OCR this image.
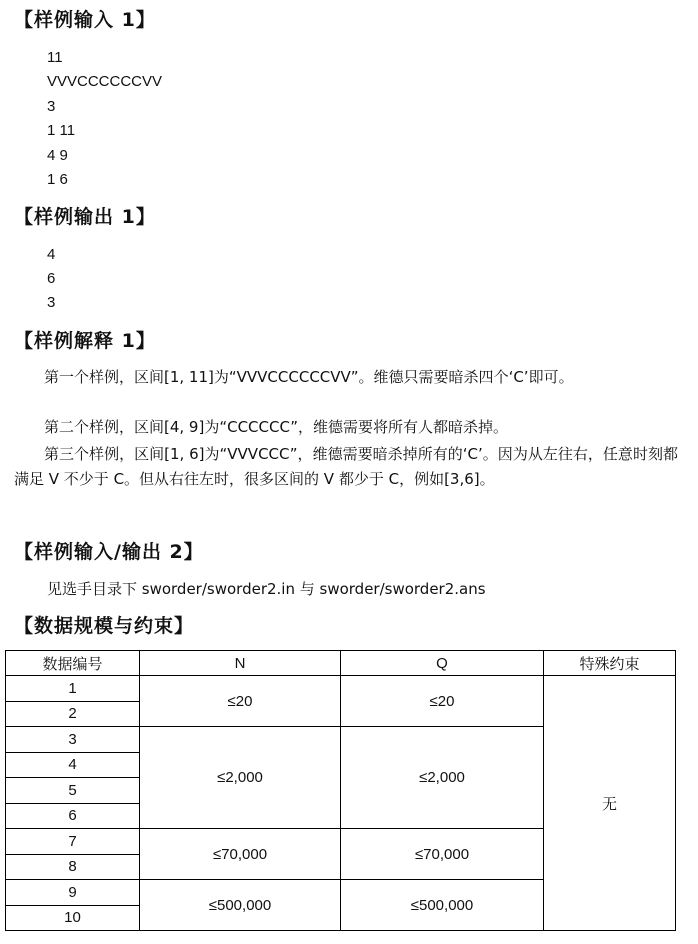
【样例输入 1】
11
VVVCCCCCCVV
3
1 11
4 9
1 6
【样例输出 1】
4
6
3
【样例解释 1】

第一个样例，区间[1, 11]为“VVVCCCCCCVV”。维德只需要暗杀四个‘C’即可。

第二个样例，区间[4, 9]为“CCCCCC”，维德需要将所有人都暗杀掉。

第三个样例，区间[1, 6]为“VVVCCC”，维德需要暗杀掉所有的‘C’。因为从左往右，任意时刻都满足 V 不少于 C。但从右往左时，很多区间的 V 都少于 C，例如[3,6]。

【样例输入/输出 2】
见选手目录下 sworder/sworder2.in 与 sworder/sworder2.ans
【数据规模与约束】
数据编号	N	Q	特殊约束
1	≤20	≤20	无
2			
3	≤2,000	≤2,000	
4			
5			
6			
7	≤70,000	≤70,000	
8			
9	≤500,000	≤500,000	
10			
